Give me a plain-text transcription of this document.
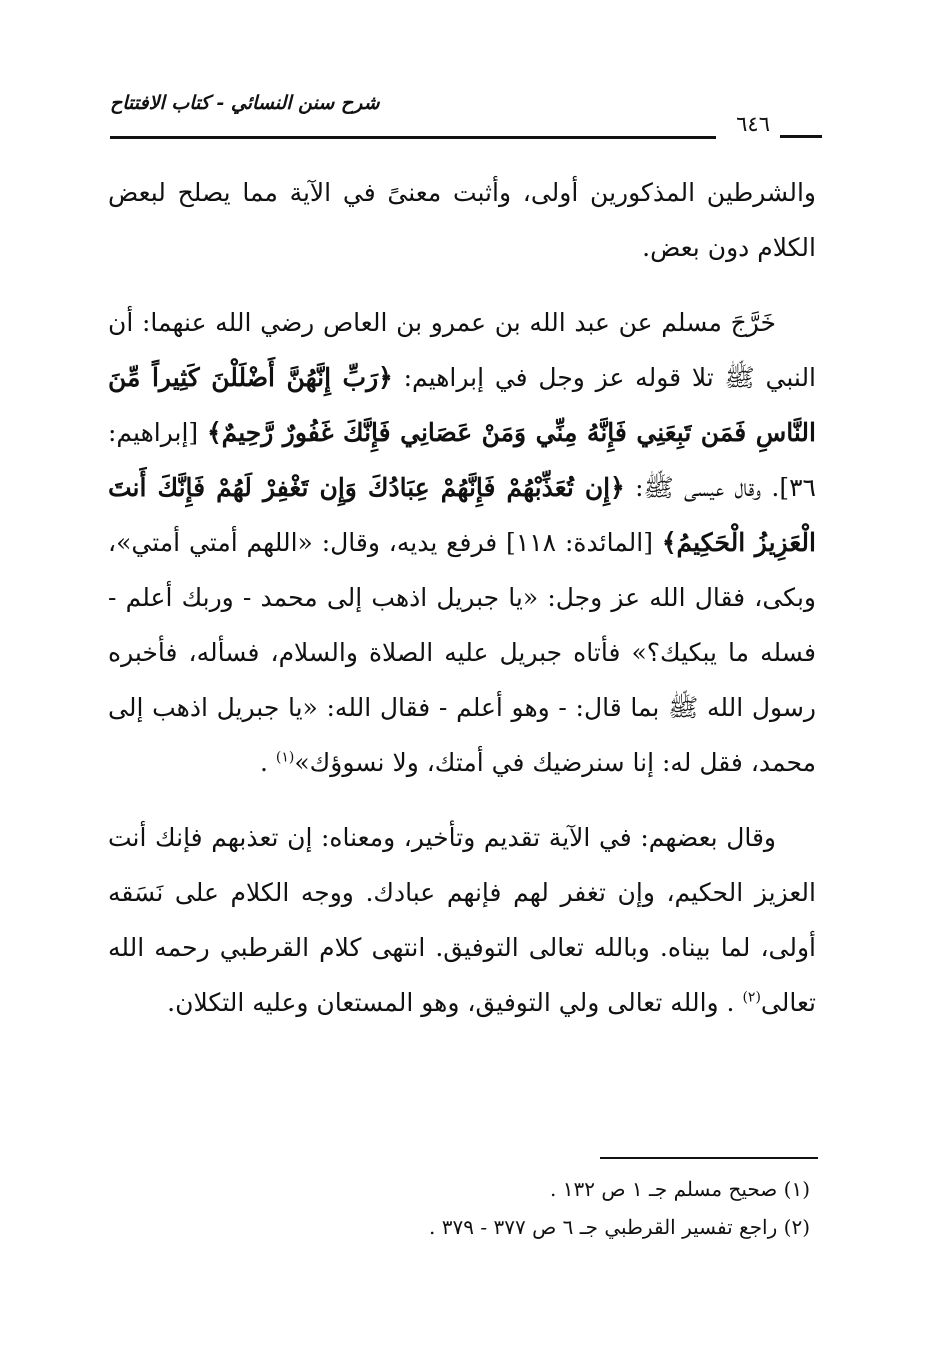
شرح سنن النسائي - كتاب الافتتاح
٦٤٦

والشرطين المذكورين أولى، وأثبت معنىً في الآية مما يصلح لبعض الكلام دون بعض.

خَرَّجَ مسلم عن عبد الله بن عمرو بن العاص رضي الله عنهما: أن النبي ﷺ تلا قوله عز وجل في إبراهيم: ﴿رَبِّ إِنَّهُنَّ أَضْلَلْنَ كَثِيراً مِّنَ النَّاسِ فَمَن تَبِعَنِي فَإِنَّهُ مِنِّي وَمَنْ عَصَانِي فَإِنَّكَ غَفُورٌ رَّحِيمٌ﴾ [إبراهيم: ٣٦]. وقال عيسى ﷺ: ﴿إِن تُعَذِّبْهُمْ فَإِنَّهُمْ عِبَادُكَ وَإِن تَغْفِرْ لَهُمْ فَإِنَّكَ أَنتَ الْعَزِيزُ الْحَكِيمُ﴾ [المائدة: ١١٨] فرفع يديه، وقال: «اللهم أمتي أمتي»، وبكى، فقال الله عز وجل: «يا جبريل اذهب إلى محمد - وربك أعلم - فسله ما يبكيك؟» فأتاه جبريل عليه الصلاة والسلام، فسأله، فأخبره رسول الله ﷺ بما قال: - وهو أعلم - فقال الله: «يا جبريل اذهب إلى محمد، فقل له: إنا سنرضيك في أمتك، ولا نسوؤك»$^{(١)}$ .

وقال بعضهم: في الآية تقديم وتأخير، ومعناه: إن تعذبهم فإنك أنت العزيز الحكيم، وإن تغفر لهم فإنهم عبادك. ووجه الكلام على نَسَقه أولى، لما بيناه. وبالله تعالى التوفيق. انتهى كلام القرطبي رحمه الله تعالى$^{(٢)}$ . والله تعالى ولي التوفيق، وهو المستعان وعليه التكلان.

(١) صحيح مسلم جـ ١ ص ١٣٢ .

(٢) راجع تفسير القرطبي جـ ٦ ص ٣٧٧ - ٣٧٩ .
